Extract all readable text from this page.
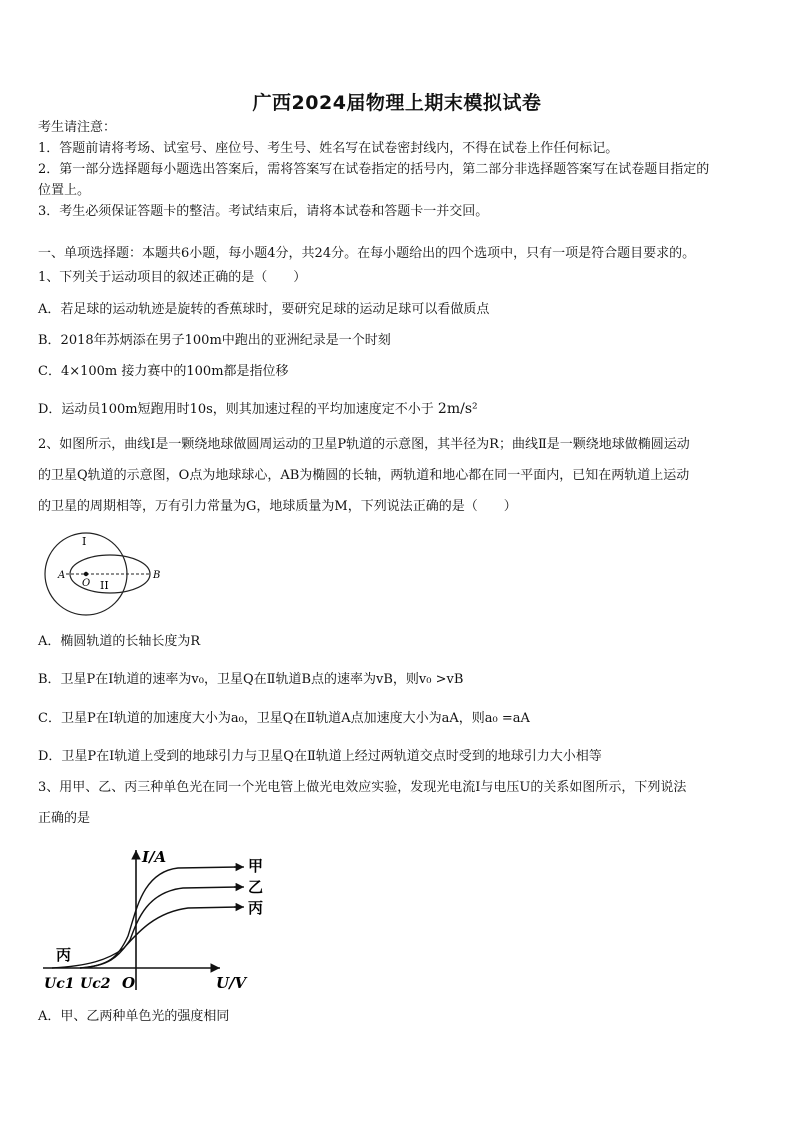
广西2024届物理上期末模拟试卷
考生请注意：
1．答题前请将考场、试室号、座位号、考生号、姓名写在试卷密封线内，不得在试卷上作任何标记。
2．第一部分选择题每小题选出答案后，需将答案写在试卷指定的括号内，第二部分非选择题答案写在试卷题目指定的
位置上。
3．考生必须保证答题卡的整洁。考试结束后，请将本试卷和答题卡一并交回。
一、单项选择题：本题共6小题，每小题4分，共24分。在每小题给出的四个选项中，只有一项是符合题目要求的。
1、下列关于运动项目的叙述正确的是（　　）
A．若足球的运动轨迹是旋转的香蕉球时，要研究足球的运动足球可以看做质点
B．2018年苏炳添在男子100m中跑出的亚洲纪录是一个时刻
C．4×100m 接力赛中的100m都是指位移
D．运动员100m短跑用时10s，则其加速过程的平均加速度定不小于 2m/s²
2、如图所示，曲线Ⅰ是一颗绕地球做圆周运动的卫星P轨道的示意图，其半径为R；曲线Ⅱ是一颗绕地球做椭圆运动
的卫星Q轨道的示意图，O点为地球球心，AB为椭圆的长轴，两轨道和地心都在同一平面内，已知在两轨道上运动
的卫星的周期相等，万有引力常量为G，地球质量为M，下列说法正确的是（　　）
I
II
A
O
B
A．椭圆轨道的长轴长度为R
B．卫星P在Ⅰ轨道的速率为v₀，卫星Q在Ⅱ轨道B点的速率为vB，则v₀ >vB
C．卫星P在Ⅰ轨道的加速度大小为a₀，卫星Q在Ⅱ轨道A点加速度大小为aA，则a₀ =aA
D．卫星P在Ⅰ轨道上受到的地球引力与卫星Q在Ⅱ轨道上经过两轨道交点时受到的地球引力大小相等
3、用甲、乙、丙三种单色光在同一个光电管上做光电效应实验，发现光电流I与电压U的关系如图所示，下列说法
正确的是
I/A
U/V
O
Uc1 Uc2
甲
乙
丙
丙
A．甲、乙两种单色光的强度相同
